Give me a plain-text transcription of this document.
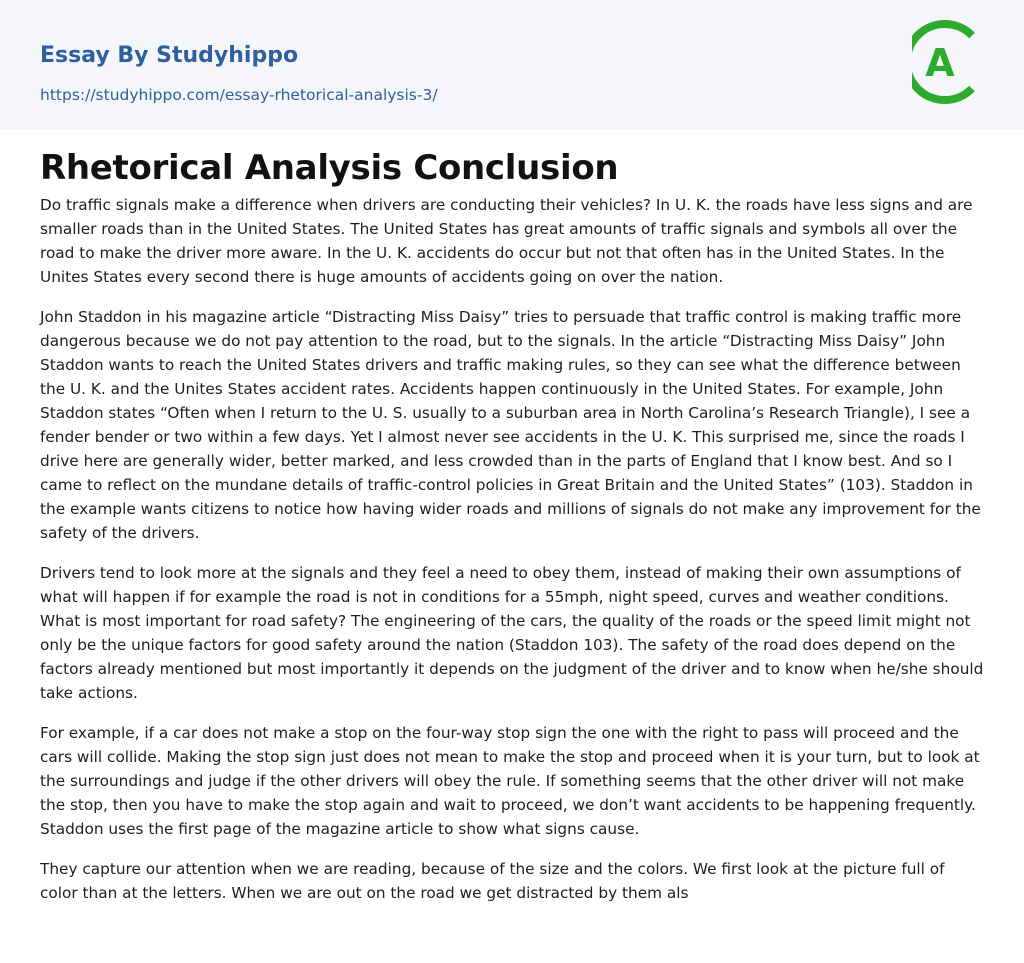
Essay By Studyhippo
https://studyhippo.com/essay-rhetorical-analysis-3/
A
Rhetorical Analysis Conclusion

Do traffic signals make a difference when drivers are conducting their vehicles? In U. K. the roads have less signs and are smaller roads than in the United States. The United States has great amounts of traffic signals and symbols all over the road to make the driver more aware. In the U. K. accidents do occur but not that often has in the United States. In the Unites States every second there is huge amounts of accidents going on over the nation.

John Staddon in his magazine article “Distracting Miss Daisy” tries to persuade that traffic control is making traffic more dangerous because we do not pay attention to the road, but to the signals. In the article “Distracting Miss Daisy” John Staddon wants to reach the United States drivers and traffic making rules, so they can see what the difference between the U. K. and the Unites States accident rates. Accidents happen continuously in the United States. For example, John Staddon states “Often when I return to the U. S. usually to a suburban area in North Carolina’s Research Triangle), I see a fender bender or two within a few days. Yet I almost never see accidents in the U. K. This surprised me, since the roads I drive here are generally wider, better marked, and less crowded than in the parts of England that I know best. And so I came to reflect on the mundane details of traffic-control policies in Great Britain and the United States” (103). Staddon in the example wants citizens to notice how having wider roads and millions of signals do not make any improvement for the safety of the drivers.

Drivers tend to look more at the signals and they feel a need to obey them, instead of making their own assumptions of what will happen if for example the road is not in conditions for a 55mph, night speed, curves and weather conditions. What is most important for road safety? The engineering of the cars, the quality of the roads or the speed limit might not only be the unique factors for good safety around the nation (Staddon 103). The safety of the road does depend on the factors already mentioned but most importantly it depends on the judgment of the driver and to know when he/she should take actions.

For example, if a car does not make a stop on the four-way stop sign the one with the right to pass will proceed and the cars will collide. Making the stop sign just does not mean to make the stop and proceed when it is your turn, but to look at the surroundings and judge if the other drivers will obey the rule. If something seems that the other driver will not make the stop, then you have to make the stop again and wait to proceed, we don’t want accidents to be happening frequently. Staddon uses the first page of the magazine article to show what signs cause.

They capture our attention when we are reading, because of the size and the colors. We first look at the picture full of color than at the letters. When we are out on the road we get distracted by them als
